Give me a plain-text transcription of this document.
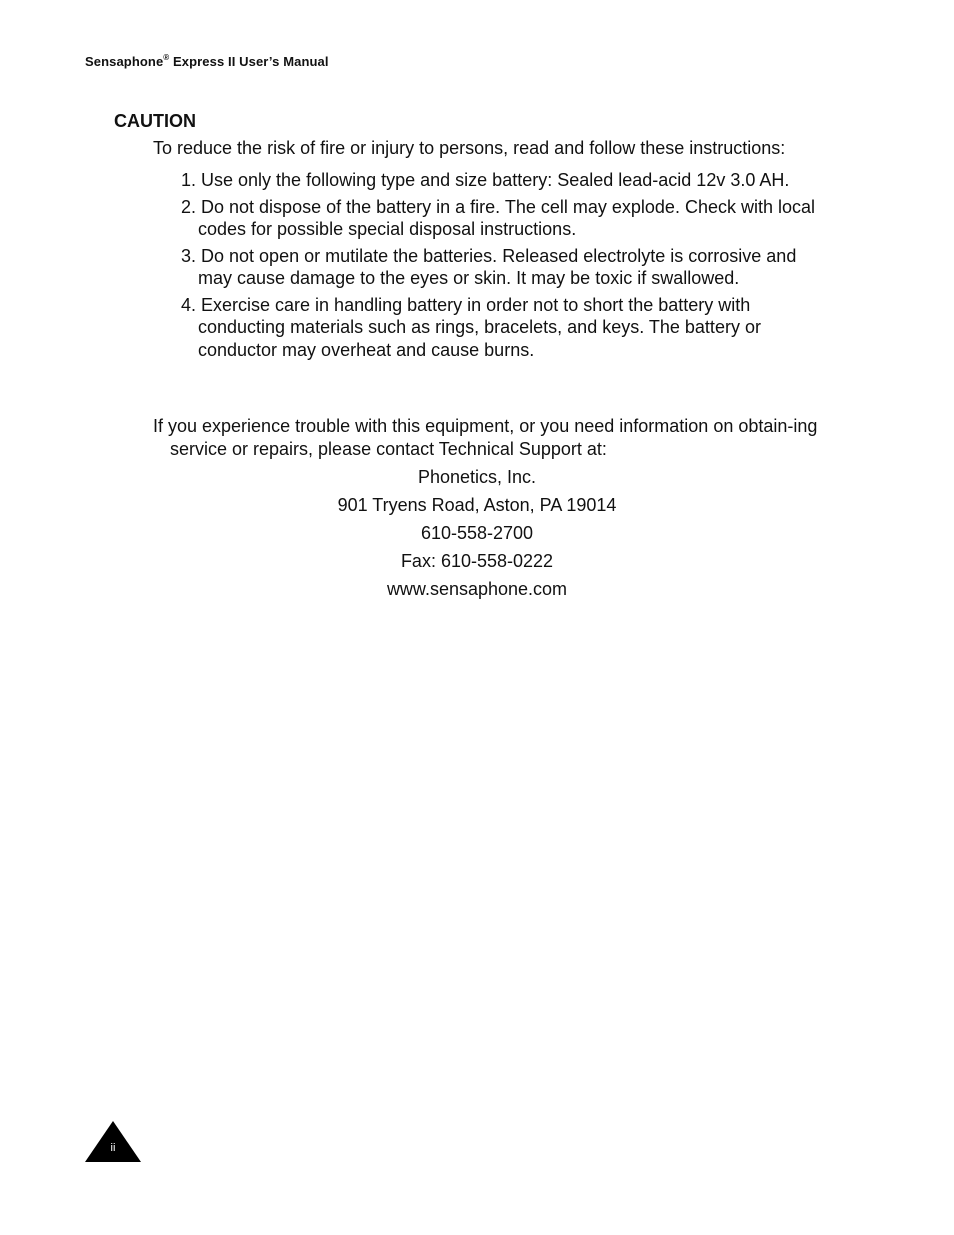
Sensaphone® Express II User’s Manual
CAUTION
To reduce the risk of fire or injury to persons, read and follow these instructions:
1. Use only the following type and size battery: Sealed lead-acid 12v 3.0 AH.
2. Do not dispose of the battery in a fire. The cell may explode. Check with local codes for possible special disposal instructions.
3. Do not open or mutilate the batteries. Released electrolyte is corrosive and may cause damage to the eyes or skin. It may be toxic if swallowed.
4. Exercise care in handling battery in order not to short the battery with conducting materials such as rings, bracelets, and keys. The battery or conductor may overheat and cause burns.

If you experience trouble with this equipment, or you need information on obtain-ing service or repairs, please contact Technical Support at:

Phonetics, Inc.
901 Tryens Road, Aston, PA 19014
610-558-2700
Fax: 610-558-0222
www.sensaphone.com
ii
